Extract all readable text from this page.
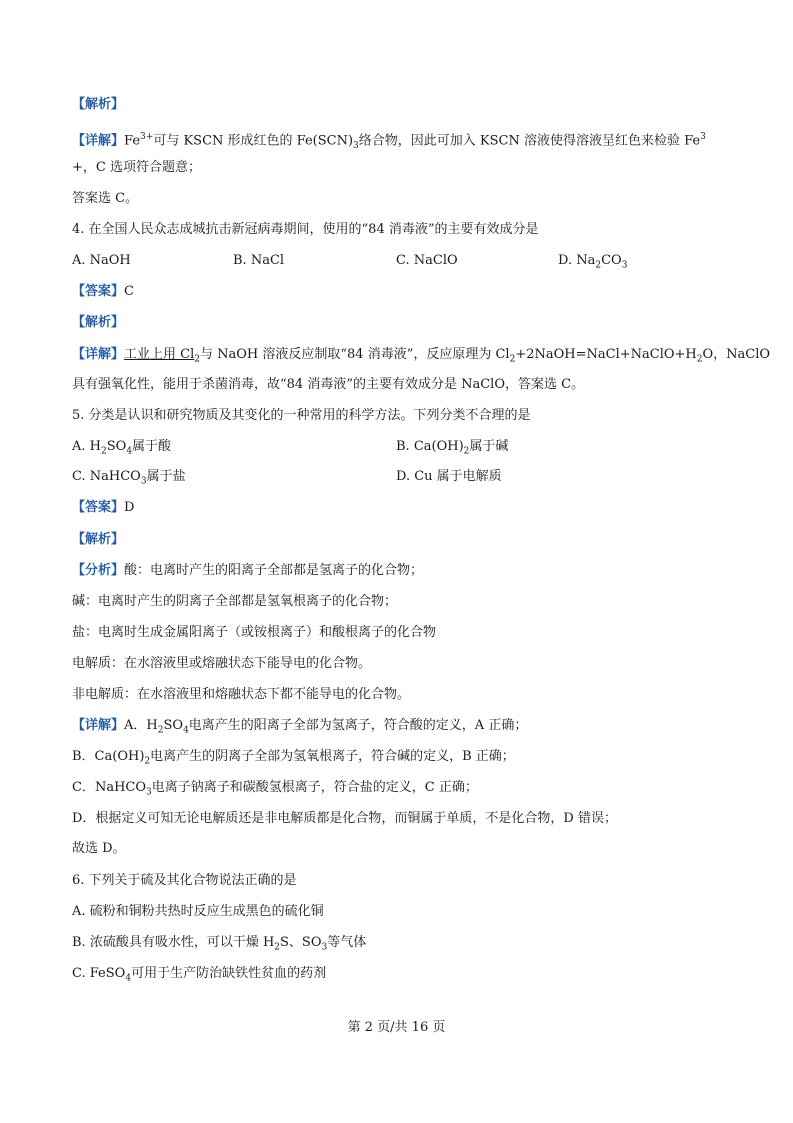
【解析】
【详解】$Fe^{3+}$可与 KSCN 形成红色的 $Fe(SCN)_3$络合物，因此可加入 KSCN 溶液使得溶液呈红色来检验 $Fe^3$
+，C 选项符合题意；
答案选 C。
4. 在全国人民众志成城抗击新冠病毒期间，使用的“84 消毒液”的主要有效成分是
A. NaOH	B. NaCl	C. NaClO	D. $Na_2CO_3$
【答案】C
【解析】
【详解】工业上用 $Cl_2$与 NaOH 溶液反应制取“84 消毒液”，反应原理为 $Cl_2+2NaOH=NaCl+NaClO+H_2O$，NaClO
具有强氧化性，能用于杀菌消毒，故“84 消毒液”的主要有效成分是 NaClO，答案选 C。
5. 分类是认识和研究物质及其变化的一种常用的科学方法。下列分类不合理的是
A. $H_2SO_4$属于酸	B. $Ca(OH)_2$属于碱
C. NaHCO$_3$属于盐	D. Cu 属于电解质
【答案】D
【解析】
【分析】酸：电离时产生的阳离子全部都是氢离子的化合物；
碱：电离时产生的阴离子全部都是氢氧根离子的化合物；
盐：电离时生成金属阳离子（或铵根离子）和酸根离子的化合物
电解质：在水溶液里或熔融状态下能导电的化合物。
非电解质：在水溶液里和熔融状态下都不能导电的化合物。
【详解】A．$H_2SO_4$电离产生的阳离子全部为氢离子，符合酸的定义，A 正确；
B．$Ca(OH)_2$电离产生的阴离子全部为氢氧根离子，符合碱的定义，B 正确；
C．NaHCO$_3$电离子钠离子和碳酸氢根离子，符合盐的定义，C 正确；
D．根据定义可知无论电解质还是非电解质都是化合物，而铜属于单质，不是化合物，D 错误；
故选 D。
6. 下列关于硫及其化合物说法正确的是
A. 硫粉和铜粉共热时反应生成黑色的硫化铜
B. 浓硫酸具有吸水性，可以干燥 $H_2S$、$SO_3$等气体
C. FeSO$_4$可用于生产防治缺铁性贫血的药剂
第 2 页/共 16 页
